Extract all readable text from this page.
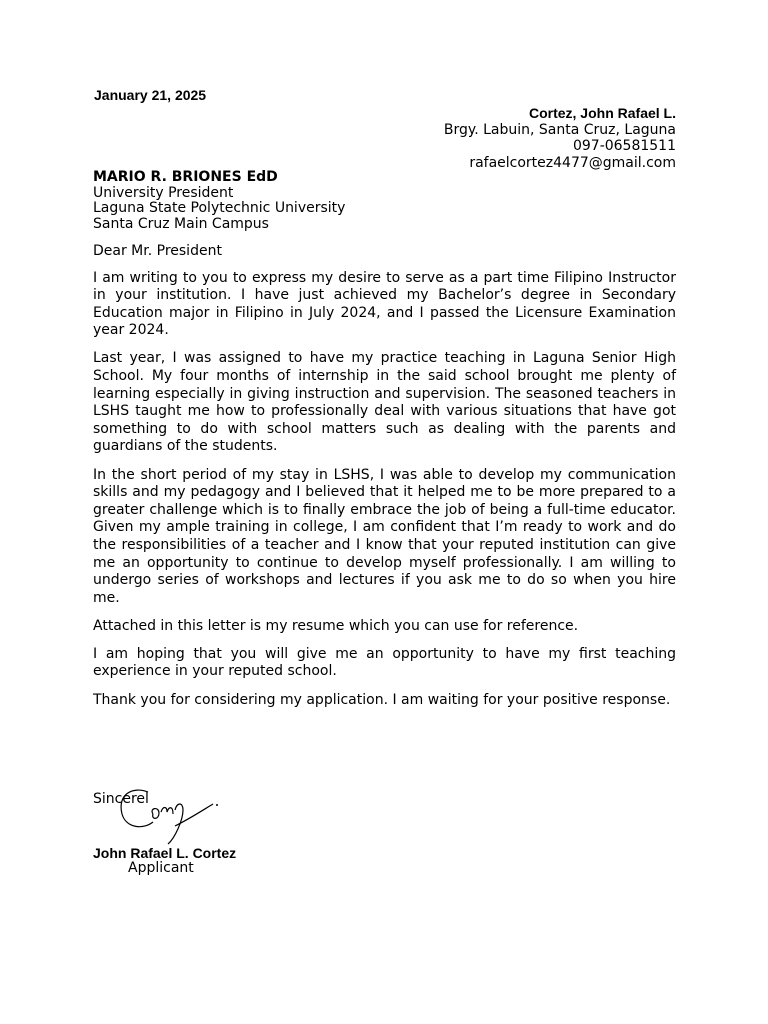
January 21, 2025
Cortez, John Rafael L.
Brgy. Labuin, Santa Cruz, Laguna
097-06581511
rafaelcortez4477@gmail.com
MARIO R. BRIONES EdD
University President
Laguna State Polytechnic University
Santa Cruz Main Campus

Dear Mr. President

I am writing to you to express my desire to serve as a part time Filipino Instructor in your institution. I have just achieved my Bachelor’s degree in Secondary Education major in Filipino in July 2024, and I passed the Licensure Examination year 2024.

Last year, I was assigned to have my practice teaching in Laguna Senior High School. My four months of internship in the said school brought me plenty of learning especially in giving instruction and supervision. The seasoned teachers in LSHS taught me how to professionally deal with various situations that have got something to do with school matters such as dealing with the parents and guardians of the students.

In the short period of my stay in LSHS, I was able to develop my communication skills and my pedagogy and I believed that it helped me to be more prepared to a greater challenge which is to finally embrace the job of being a full-time educator. Given my ample training in college, I am confident that I’m ready to work and do the responsibilities of a teacher and I know that your reputed institution can give me an opportunity to continue to develop myself professionally. I am willing to undergo series of workshops and lectures if you ask me to do so when you hire me.

Attached in this letter is my resume which you can use for reference.

I am hoping that you will give me an opportunity to have my first teaching experience in your reputed school.

Thank you for considering my application. I am waiting for your positive response.

Sincerel
John Rafael L. Cortez
Applicant
